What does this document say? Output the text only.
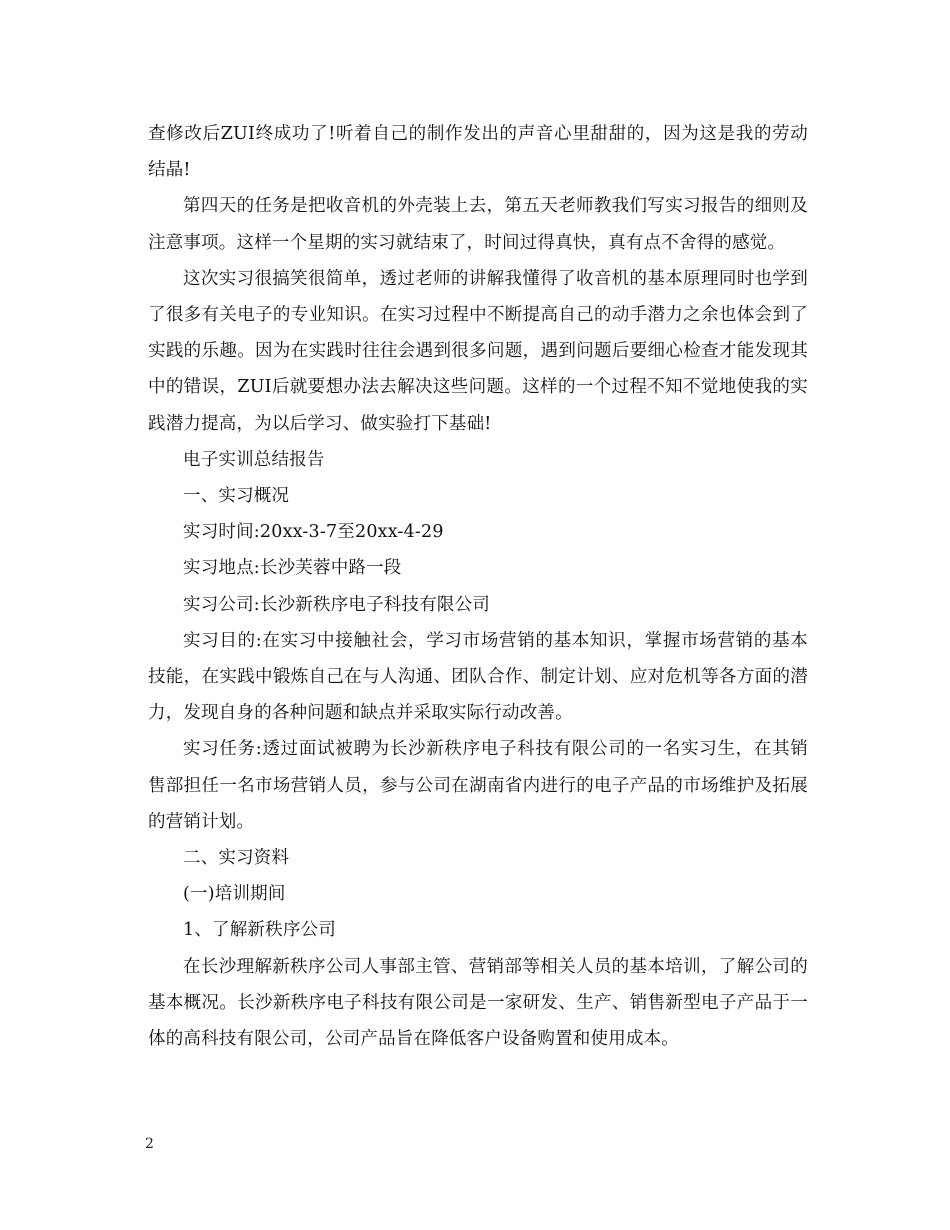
查修改后ZUI终成功了!听着自己的制作发出的声音心里甜甜的，因为这是我的劳动结晶!

第四天的任务是把收音机的外壳装上去，第五天老师教我们写实习报告的细则及注意事项。这样一个星期的实习就结束了，时间过得真快，真有点不舍得的感觉。

这次实习很搞笑很简单，透过老师的讲解我懂得了收音机的基本原理同时也学到了很多有关电子的专业知识。在实习过程中不断提高自己的动手潜力之余也体会到了实践的乐趣。因为在实践时往往会遇到很多问题，遇到问题后要细心检查才能发现其中的错误，ZUI后就要想办法去解决这些问题。这样的一个过程不知不觉地使我的实践潜力提高，为以后学习、做实验打下基础!

电子实训总结报告

一、实习概况

实习时间:20xx-3-7至20xx-4-29

实习地点:长沙芙蓉中路一段

实习公司:长沙新秩序电子科技有限公司

实习目的:在实习中接触社会，学习市场营销的基本知识，掌握市场营销的基本技能，在实践中锻炼自己在与人沟通、团队合作、制定计划、应对危机等各方面的潜力，发现自身的各种问题和缺点并采取实际行动改善。

实习任务:透过面试被聘为长沙新秩序电子科技有限公司的一名实习生，在其销售部担任一名市场营销人员，参与公司在湖南省内进行的电子产品的市场维护及拓展的营销计划。

二、实习资料

(一)培训期间

1、了解新秩序公司

在长沙理解新秩序公司人事部主管、营销部等相关人员的基本培训，了解公司的基本概况。长沙新秩序电子科技有限公司是一家研发、生产、销售新型电子产品于一体的高科技有限公司，公司产品旨在降低客户设备购置和使用成本。

2
